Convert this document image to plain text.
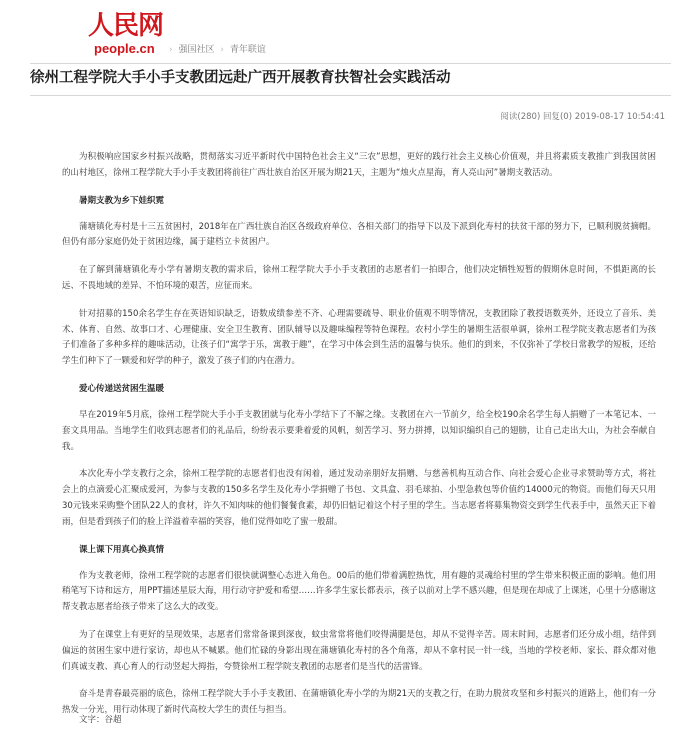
人民网
people.cn › 强国社区 › 青年联谊
徐州工程学院大手小手支教团远赴广西开展教育扶智社会实践活动
阅读(280) 回复(0) 2019-08-17 10:54:41

为积极响应国家乡村振兴战略，贯彻落实习近平新时代中国特色社会主义“三农”思想，更好的践行社会主义核心价值观，并且将素质支教推广到我国贫困的山村地区，徐州工程学院大手小手支教团将前往广西壮族自治区开展为期21天，主题为“烛火点星海，育人亮山河”暑期支教活动。

暑期支教为乡下娃织霓

蒲塘镇化寿村是十三五贫困村，2018年在广西壮族自治区各级政府单位、各相关部门的指导下以及下派到化寿村的扶贫干部的努力下，已顺利脱贫摘帽。但仍有部分家庭仍处于贫困边缘，属于建档立卡贫困户。

在了解到蒲塘镇化寿小学有暑期支教的需求后，徐州工程学院大手小手支教团的志愿者们一拍即合，他们决定牺牲短暂的假期休息时间，不惧距离的长远、不畏地域的差异、不怕环境的艰苦，应征而来。

针对招募的150余名学生存在英语知识缺乏，语数成绩参差不齐、心理需要疏导、职业价值观不明等情况，支教团除了教授语数英外，还设立了音乐、美术、体育、自然、故事口才、心理健康、安全卫生教育、团队辅导以及趣味编程等特色课程。农村小学生的暑期生活很单调，徐州工程学院支教志愿者们为孩子们准备了多种多样的趣味活动，让孩子们“寓学于乐，寓教于趣”，在学习中体会到生活的温馨与快乐。他们的到来，不仅弥补了学校日常教学的短板，还给学生们种下了一颗爱和好学的种子，激发了孩子们的内在潜力。

爱心传递送贫困生温暖

早在2019年5月底，徐州工程学院大手小手支教团就与化寿小学结下了不解之缘。支教团在六一节前夕，给全校190余名学生每人捐赠了一本笔记本、一套文具用品。当地学生们收到志愿者们的礼品后，纷纷表示要秉着爱的风帆，刻苦学习、努力拼搏，以知识编织自己的翅膀，让自己走出大山，为社会奉献自我。

本次化寿小学支教行之余，徐州工程学院的志愿者们也没有闲着，通过发动亲朋好友捐赠、与慈善机构互动合作、向社会爱心企业寻求赞助等方式，将社会上的点滴爱心汇聚成爱河，为参与支教的150多名学生及化寿小学捐赠了书包、文具盒、羽毛球拍、小型急救包等价值约14000元的物资。而他们每天只用30元钱来采购整个团队22人的食材，许久不知肉味的他们餐餐食素，却仍旧惦记着这个村子里的学生。当志愿者将募集物资交到学生代表手中，虽然天正下着雨，但是看到孩子们的脸上洋溢着幸福的笑容，他们觉得如吃了蜜一般甜。

课上课下用真心换真情

作为支教老师，徐州工程学院的志愿者们很快就调整心态进入角色。00后的他们带着满腔热忱，用有趣的灵魂给村里的学生带来积极正面的影响。他们用稍笔写下诗和远方，用PPT描述星辰大海，用行动守护爱和希望……许多学生家长都表示，孩子以前对上学不感兴趣，但是现在却成了上课迷，心里十分感谢这帮支教志愿者给孩子带来了这么大的改变。

为了在课堂上有更好的呈现效果，志愿者们常常备课到深夜，蚊虫常常将他们咬得满腿是包，却从不觉得辛苦。周末时间，志愿者们还分成小组，结伴到偏远的贫困生家中进行家访，却也从不喊累。他们忙碌的身影出现在蒲塘镇化寿村的各个角落，却从不拿村民一针一线，当地的学校老师、家长、群众都对他们真诚支教、真心育人的行动竖起大拇指，夸赞徐州工程学院支教团的志愿者们是当代的活雷锋。

奋斗是青春最亮丽的底色，徐州工程学院大手小手支教团、在蒲塘镇化寿小学的为期21天的支教之行，在助力脱贫攻坚和乡村振兴的道路上，他们有一分热发一分光，用行动体现了新时代高校大学生的责任与担当。

文字：谷超
